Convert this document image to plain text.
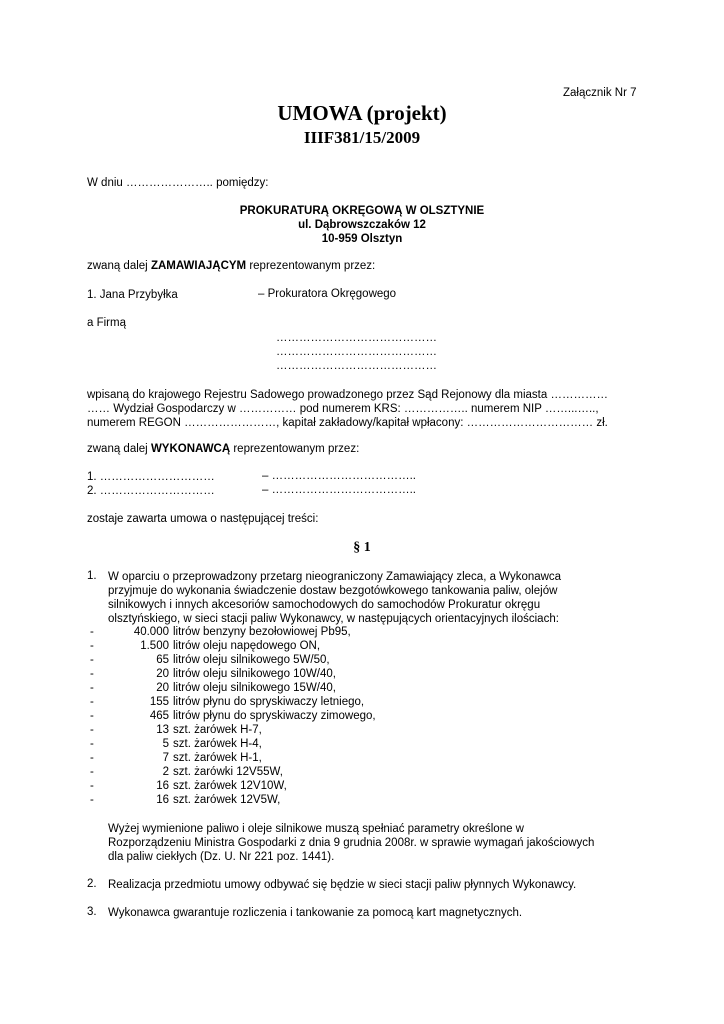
Załącznik Nr 7
UMOWA (projekt)
IIIF381/15/2009
W dniu ………………….. pomiędzy:
PROKURATURĄ OKRĘGOWĄ W OLSZTYNIE
ul. Dąbrowszczaków 12
10-959 Olsztyn
zwaną dalej ZAMAWIAJĄCYM reprezentowanym przez:
1. Jana Przybyłka	– Prokuratora Okręgowego
a Firmą
……………………………………
……………………………………
……………………………………
wpisaną do krajowego Rejestru Sadowego prowadzonego przez Sąd Rejonowy dla miasta ……………
…… Wydział Gospodarczy w …………… pod numerem KRS: …………….. numerem NIP ……...…..,
numerem REGON ……………………, kapitał zakładowy/kapitał wpłacony: …………………………… zł.
zwaną dalej WYKONAWCĄ reprezentowanym przez:
1. …………………………	– ………………………………..
2. …………………………	– ………………………………..
zostaje zawarta umowa o następującej treści:
§ 1
1. W oparciu o przeprowadzony przetarg nieograniczony Zamawiający zleca, a Wykonawca
przyjmuje do wykonania świadczenie dostaw bezgotówkowego tankowania paliw, olejów
silnikowych i innych akcesoriów samochodowych do samochodów Prokuratur okręgu
olsztyńskiego, w sieci stacji paliw Wykonawcy, w następujących orientacyjnych ilościach:
-	40.000 litrów benzyny bezołowiowej Pb95,
-	1.500 litrów oleju napędowego ON,
-	65 litrów oleju silnikowego 5W/50,
-	20 litrów oleju silnikowego 10W/40,
-	20 litrów oleju silnikowego 15W/40,
-	155 litrów płynu do spryskiwaczy letniego,
-	465 litrów płynu do spryskiwaczy zimowego,
-	13 szt. żarówek H-7,
-	5 szt. żarówek H-4,
-	7 szt. żarówek H-1,
-	2 szt. żarówki 12V55W,
-	16 szt. żarówek 12V10W,
-	16 szt. żarówek 12V5W,
Wyżej wymienione paliwo i oleje silnikowe muszą spełniać parametry określone w
Rozporządzeniu Ministra Gospodarki z dnia 9 grudnia 2008r. w sprawie wymagań jakościowych
dla paliw ciekłych (Dz. U. Nr 221 poz. 1441).
2. Realizacja przedmiotu umowy odbywać się będzie w sieci stacji paliw płynnych Wykonawcy.
3. Wykonawca gwarantuje rozliczenia i tankowanie za pomocą kart magnetycznych.
